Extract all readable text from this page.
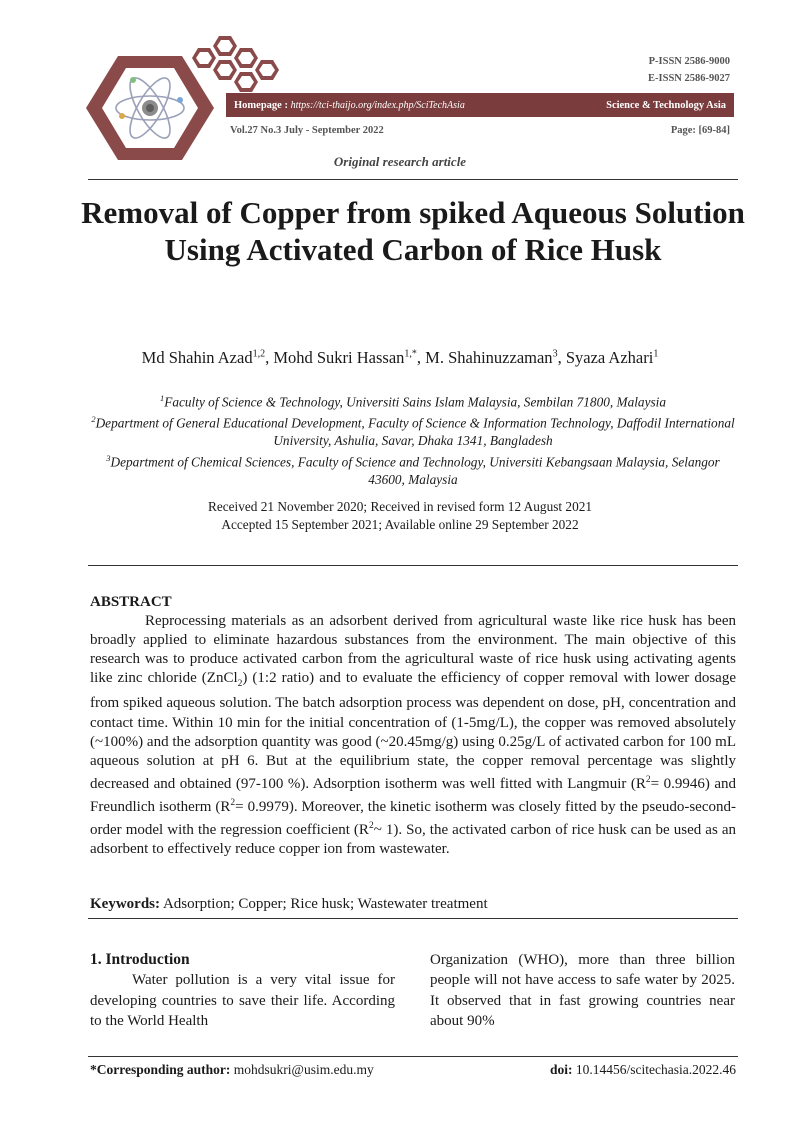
P-ISSN 2586-9000
E-ISSN 2586-9027
Homepage : https://tci-thaijo.org/index.php/SciTechAsia	Science & Technology Asia
Vol.27 No.3 July - September 2022	Page: [69-84]
Original research article
Removal of Copper from spiked Aqueous Solution Using Activated Carbon of Rice Husk
Md Shahin Azad$^{1,2}$, Mohd Sukri Hassan$^{1,*}$, M. Shahinuzzaman$^3$, Syaza Azhari$^1$
$^1$Faculty of Science & Technology, Universiti Sains Islam Malaysia, Sembilan 71800, Malaysia
$^2$Department of General Educational Development, Faculty of Science & Information Technology, Daffodil International University, Ashulia, Savar, Dhaka 1341, Bangladesh
$^3$Department of Chemical Sciences, Faculty of Science and Technology, Universiti Kebangsaan Malaysia, Selangor 43600, Malaysia
Received 21 November 2020; Received in revised form 12 August 2021
Accepted 15 September 2021; Available online 29 September 2022
ABSTRACT

Reprocessing materials as an adsorbent derived from agricultural waste like rice husk has been broadly applied to eliminate hazardous substances from the environment. The main objective of this research was to produce activated carbon from the agricultural waste of rice husk using activating agents like zinc chloride (ZnCl$_2$) (1:2 ratio) and to evaluate the efficiency of copper removal with lower dosage from spiked aqueous solution. The batch adsorption process was dependent on dose, pH, concentration and contact time. Within 10 min for the initial concentration of (1-5mg/L), the copper was removed absolutely (~100%) and the adsorption quantity was good (~20.45mg/g) using 0.25g/L of activated carbon for 100 mL aqueous solution at pH 6. But at the equilibrium state, the copper removal percentage was slightly decreased and obtained (97-100 %). Adsorption isotherm was well fitted with Langmuir $(R^2= 0.9946)$ and Freundlich isotherm $(R^2= 0.9979)$. Moreover, the kinetic isotherm was closely fitted by the pseudo-second-order model with the regression coefficient ($R^2\sim$ 1). So, the activated carbon of rice husk can be used as an adsorbent to effectively reduce copper ion from wastewater.

Keywords: Adsorption; Copper; Rice husk; Wastewater treatment
1. Introduction

Water pollution is a very vital issue for developing countries to save their life. According to the World Health

Organization (WHO), more than three billion people will not have access to safe water by 2025. It observed that in fast growing countries near about 90%

*Corresponding author: mohdsukri@usim.edu.my	doi: 10.14456/scitechasia.2022.46
